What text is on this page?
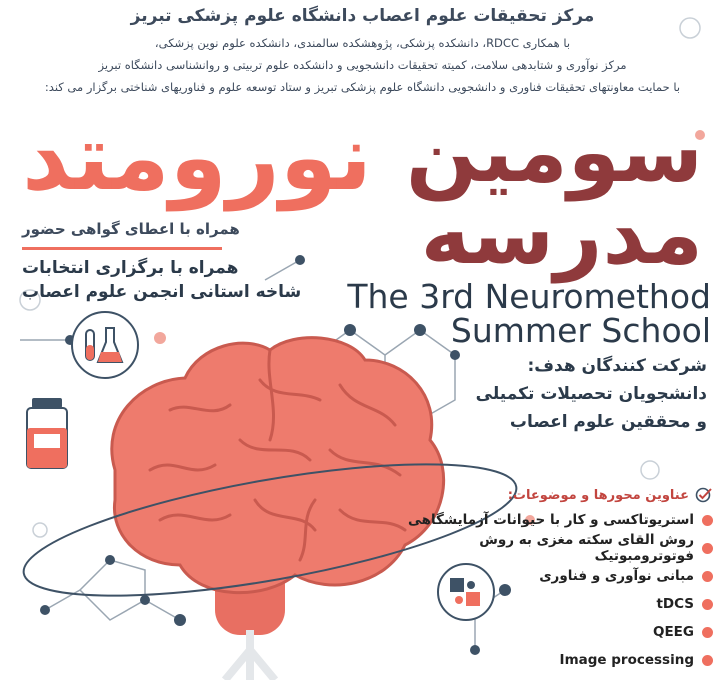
مرکز تحقیقات علوم اعصاب دانشگاه علوم پزشکی تبریز
با همکاری RDCC، دانشکده پزشکی، پژوهشکده سالمندی، دانشکده علوم نوین پزشکی،
مرکز نوآوری و شتابدهی سلامت، کمیته تحقیقات دانشجویی و دانشکده علوم تربیتی و روانشناسی دانشگاه تبریز
با حمایت معاونتهای تحقیقات فناوری و دانشجویی دانشگاه علوم پزشکی تبریز و ستاد توسعه علوم و فناوریهای شناختی برگزار می کند:
سومین
مدرسه
نورومتد
همراه با اعطای گواهی حضور
همراه با برگزاری انتخابات
شاخه استانی انجمن علوم اعصاب The 3rd Neuromethod
Summer School
شرکت کنندگان هدف:
دانشجویان تحصیلات تکمیلی
و محققین علوم اعصاب
عناوین محورها و موضوعات:
استریوتاکسی و کار با حیوانات آزمایشگاهی
روش القای سکته مغزی به روش فوتوترومبوتیک
مبانی نوآوری و فناوری
tDCS
QEEG
Image processing
